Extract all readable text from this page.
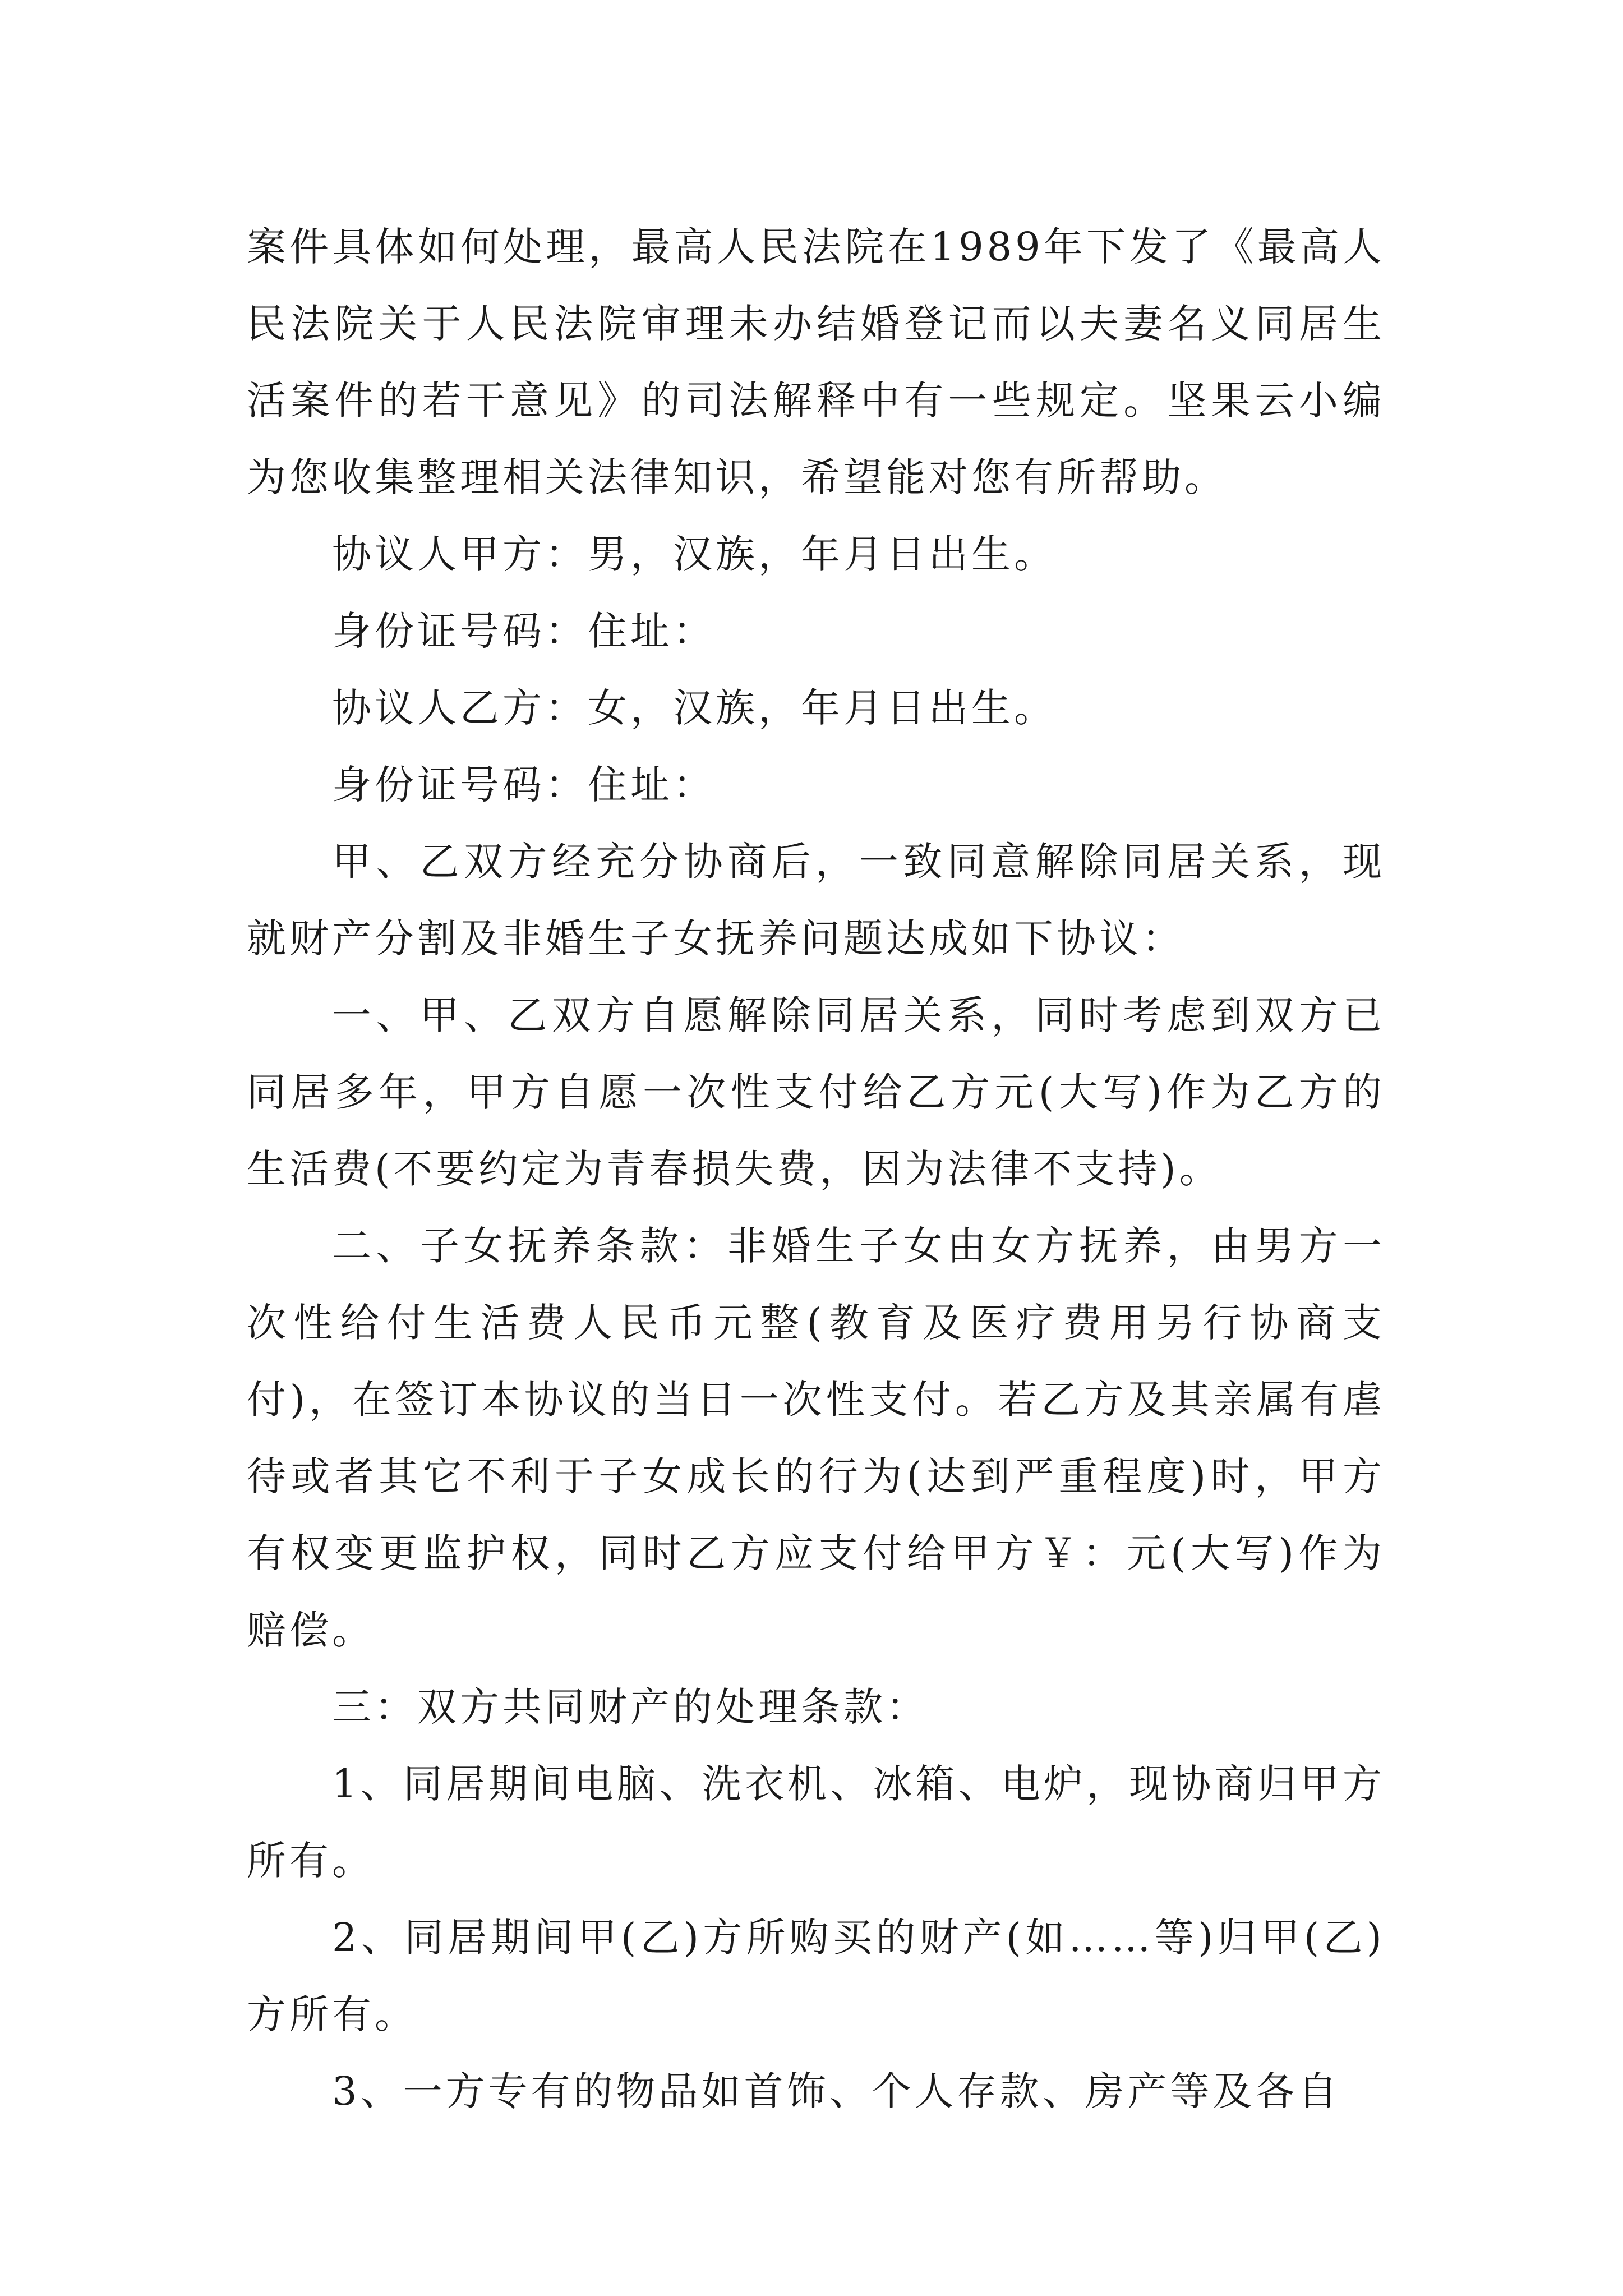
案件具体如何处理，最高人民法院在1989年下发了《最高人民法院关于人民法院审理未办结婚登记而以夫妻名义同居生活案件的若干意见》的司法解释中有一些规定。坚果云小编为您收集整理相关法律知识，希望能对您有所帮助。

协议人甲方：男，汉族，年月日出生。

身份证号码：住址：

协议人乙方：女，汉族，年月日出生。

身份证号码：住址：

甲、乙双方经充分协商后，一致同意解除同居关系，现就财产分割及非婚生子女抚养问题达成如下协议：

一、甲、乙双方自愿解除同居关系，同时考虑到双方已同居多年，甲方自愿一次性支付给乙方元(大写)作为乙方的生活费(不要约定为青春损失费，因为法律不支持)。

二、子女抚养条款：非婚生子女由女方抚养，由男方一次性给付生活费人民币元整(教育及医疗费用另行协商支付)，在签订本协议的当日一次性支付。若乙方及其亲属有虐待或者其它不利于子女成长的行为(达到严重程度)时，甲方有权变更监护权，同时乙方应支付给甲方￥：元(大写)作为赔偿。

三：双方共同财产的处理条款：

1、同居期间电脑、洗衣机、冰箱、电炉，现协商归甲方所有。

2、同居期间甲(乙)方所购买的财产(如……等)归甲(乙)方所有。

3、一方专有的物品如首饰、个人存款、房产等及各自
